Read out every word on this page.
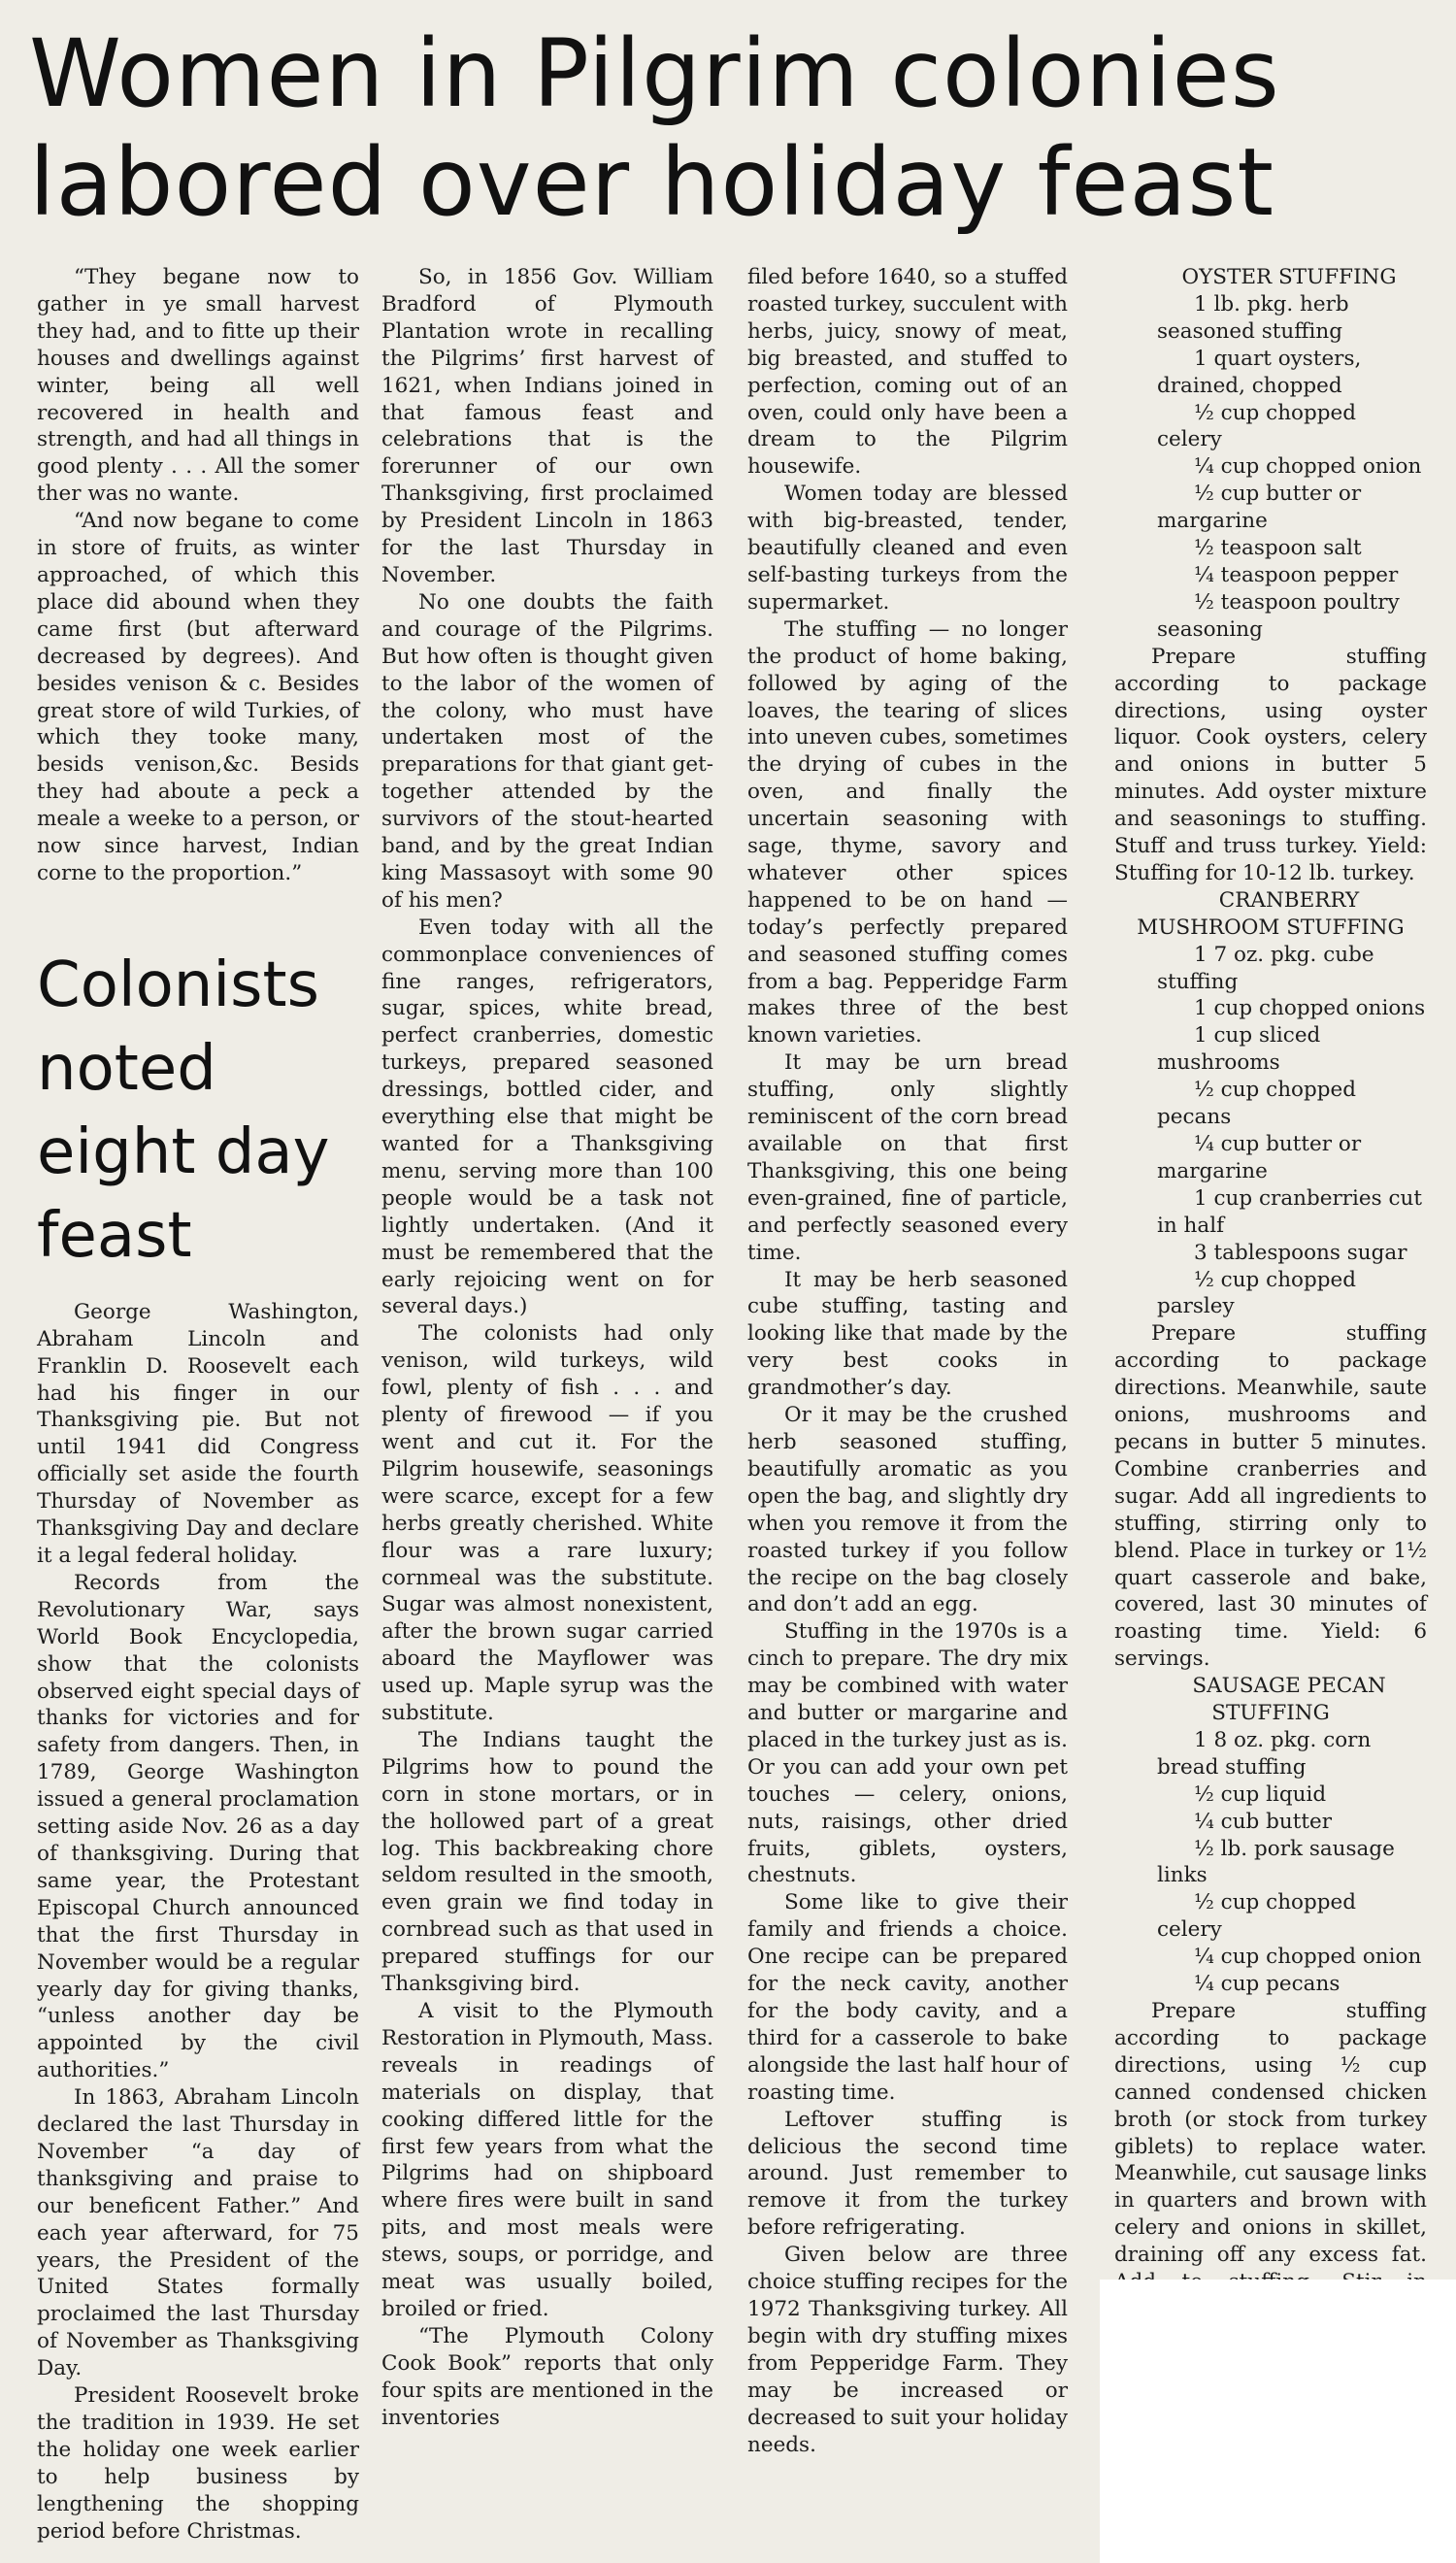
Women in Pilgrim colonies labored over holiday feast

“They begane now to gather in ye small harvest they had, and to fitte up their houses and dwellings against winter, being all well recovered in health and strength, and had all things in good plenty . . . All the somer ther was no wante.

“And now begane to come in store of fruits, as winter approached, of which this place did abound when they came first (but afterward decreased by degrees). And besides venison & c. Besides great store of wild Turkies, of which they tooke many, besids venison,&c. Besids they had aboute a peck a meale a weeke to a person, or now since harvest, Indian corne to the proportion.”

Colonists noted eight day feast

George Washington, Abraham Lincoln and Franklin D. Roosevelt each had his finger in our Thanksgiving pie. But not until 1941 did Congress officially set aside the fourth Thursday of November as Thanksgiving Day and declare it a legal federal holiday.

Records from the Revolutionary War, says World Book Encyclopedia, show that the colonists observed eight special days of thanks for victories and for safety from dangers. Then, in 1789, George Washington issued a general proclamation setting aside Nov. 26 as a day of thanksgiving. During that same year, the Protestant Episcopal Church announced that the first Thursday in November would be a regular yearly day for giving thanks, “unless another day be appointed by the civil authorities.”

In 1863, Abraham Lincoln declared the last Thursday in November “a day of thanksgiving and praise to our beneficent Father.” And each year afterward, for 75 years, the President of the United States formally proclaimed the last Thursday of November as Thanksgiving Day.

President Roosevelt broke the tradition in 1939. He set the holiday one week earlier to help business by lengthening the shopping period before Christmas.

So, in 1856 Gov. William Bradford of Plymouth Plantation wrote in recalling the Pilgrims’ first harvest of 1621, when Indians joined in that famous feast and celebrations that is the forerunner of our own Thanksgiving, first proclaimed by President Lincoln in 1863 for the last Thursday in November.

No one doubts the faith and courage of the Pilgrims. But how often is thought given to the labor of the women of the colony, who must have undertaken most of the preparations for that giant get-together attended by the survivors of the stout-hearted band, and by the great Indian king Massasoyt with some 90 of his men?

Even today with all the commonplace conveniences of fine ranges, refrigerators, sugar, spices, white bread, perfect cranberries, domestic turkeys, prepared seasoned dressings, bottled cider, and everything else that might be wanted for a Thanksgiving menu, serving more than 100 people would be a task not lightly undertaken. (And it must be remembered that the early rejoicing went on for several days.)

The colonists had only venison, wild turkeys, wild fowl, plenty of fish . . . and plenty of firewood — if you went and cut it. For the Pilgrim housewife, seasonings were scarce, except for a few herbs greatly cherished. White flour was a rare luxury; cornmeal was the substitute. Sugar was almost nonexistent, after the brown sugar carried aboard the Mayflower was used up. Maple syrup was the substitute.

The Indians taught the Pilgrims how to pound the corn in stone mortars, or in the hollowed part of a great log. This backbreaking chore seldom resulted in the smooth, even grain we find today in cornbread such as that used in prepared stuffings for our Thanksgiving bird.

A visit to the Plymouth Restoration in Plymouth, Mass. reveals in readings of materials on display, that cooking differed little for the first few years from what the Pilgrims had on shipboard where fires were built in sand pits, and most meals were stews, soups, or porridge, and meat was usually boiled, broiled or fried.

“The Plymouth Colony Cook Book” reports that only four spits are mentioned in the inventories

filed before 1640, so a stuffed roasted turkey, succulent with herbs, juicy, snowy of meat, big breasted, and stuffed to perfection, coming out of an oven, could only have been a dream to the Pilgrim housewife.

Women today are blessed with big-breasted, tender, beautifully cleaned and even self-basting turkeys from the supermarket.

The stuffing — no longer the product of home baking, followed by aging of the loaves, the tearing of slices into uneven cubes, sometimes the drying of cubes in the oven, and finally the uncertain seasoning with sage, thyme, savory and whatever other spices happened to be on hand — today’s perfectly prepared and seasoned stuffing comes from a bag. Pepperidge Farm makes three of the best known varieties.

It may be urn bread stuffing, only slightly reminiscent of the corn bread available on that first Thanksgiving, this one being even-grained, fine of particle, and perfectly seasoned every time.

It may be herb seasoned cube stuffing, tasting and looking like that made by the very best cooks in grandmother’s day.

Or it may be the crushed herb seasoned stuffing, beautifully aromatic as you open the bag, and slightly dry when you remove it from the roasted turkey if you follow the recipe on the bag closely and don’t add an egg.

Stuffing in the 1970s is a cinch to prepare. The dry mix may be combined with water and butter or margarine and placed in the turkey just as is. Or you can add your own pet touches — celery, onions, nuts, raisings, other dried fruits, giblets, oysters, chestnuts.

Some like to give their family and friends a choice. One recipe can be prepared for the neck cavity, another for the body cavity, and a third for a casserole to bake alongside the last half hour of roasting time.

Leftover stuffing is delicious the second time around. Just remember to remove it from the turkey before refrigerating.

Given below are three choice stuffing recipes for the 1972 Thanksgiving turkey. All begin with dry stuffing mixes from Pepperidge Farm. They may be increased or decreased to suit your holiday needs.

OYSTER STUFFING

1 lb. pkg. herb seasoned stuffing

1 quart oysters, drained, chopped

½ cup chopped celery

¼ cup chopped onion

½ cup butter or margarine

½ teaspoon salt

¼ teaspoon pepper

½ teaspoon poultry seasoning

Prepare stuffing according to package directions, using oyster liquor. Cook oysters, celery and onions in butter 5 minutes. Add oyster mixture and seasonings to stuffing. Stuff and truss turkey. Yield: Stuffing for 10-12 lb. turkey.

CRANBERRY MUSHROOM STUFFING

1 7 oz. pkg. cube stuffing

1 cup chopped onions

1 cup sliced mushrooms

½ cup chopped pecans

¼ cup butter or margarine

1 cup cranberries cut in half

3 tablespoons sugar

½ cup chopped parsley

Prepare stuffing according to package directions. Meanwhile, saute onions, mushrooms and pecans in butter 5 minutes. Combine cranberries and sugar. Add all ingredients to stuffing, stirring only to blend. Place in turkey or 1½ quart casserole and bake, covered, last 30 minutes of roasting time. Yield: 6 servings.

SAUSAGE PECAN STUFFING

1 8 oz. pkg. corn bread stuffing

½ cup liquid

¼ cub butter

½ lb. pork sausage links

½ cup chopped celery

¼ cup chopped onion

¼ cup pecans

Prepare stuffing according to package directions, using ½ cup canned condensed chicken broth (or stock from turkey giblets) to replace water. Meanwhile, cut sausage links in quarters and brown with celery and onions in skillet, draining off any excess fat.
